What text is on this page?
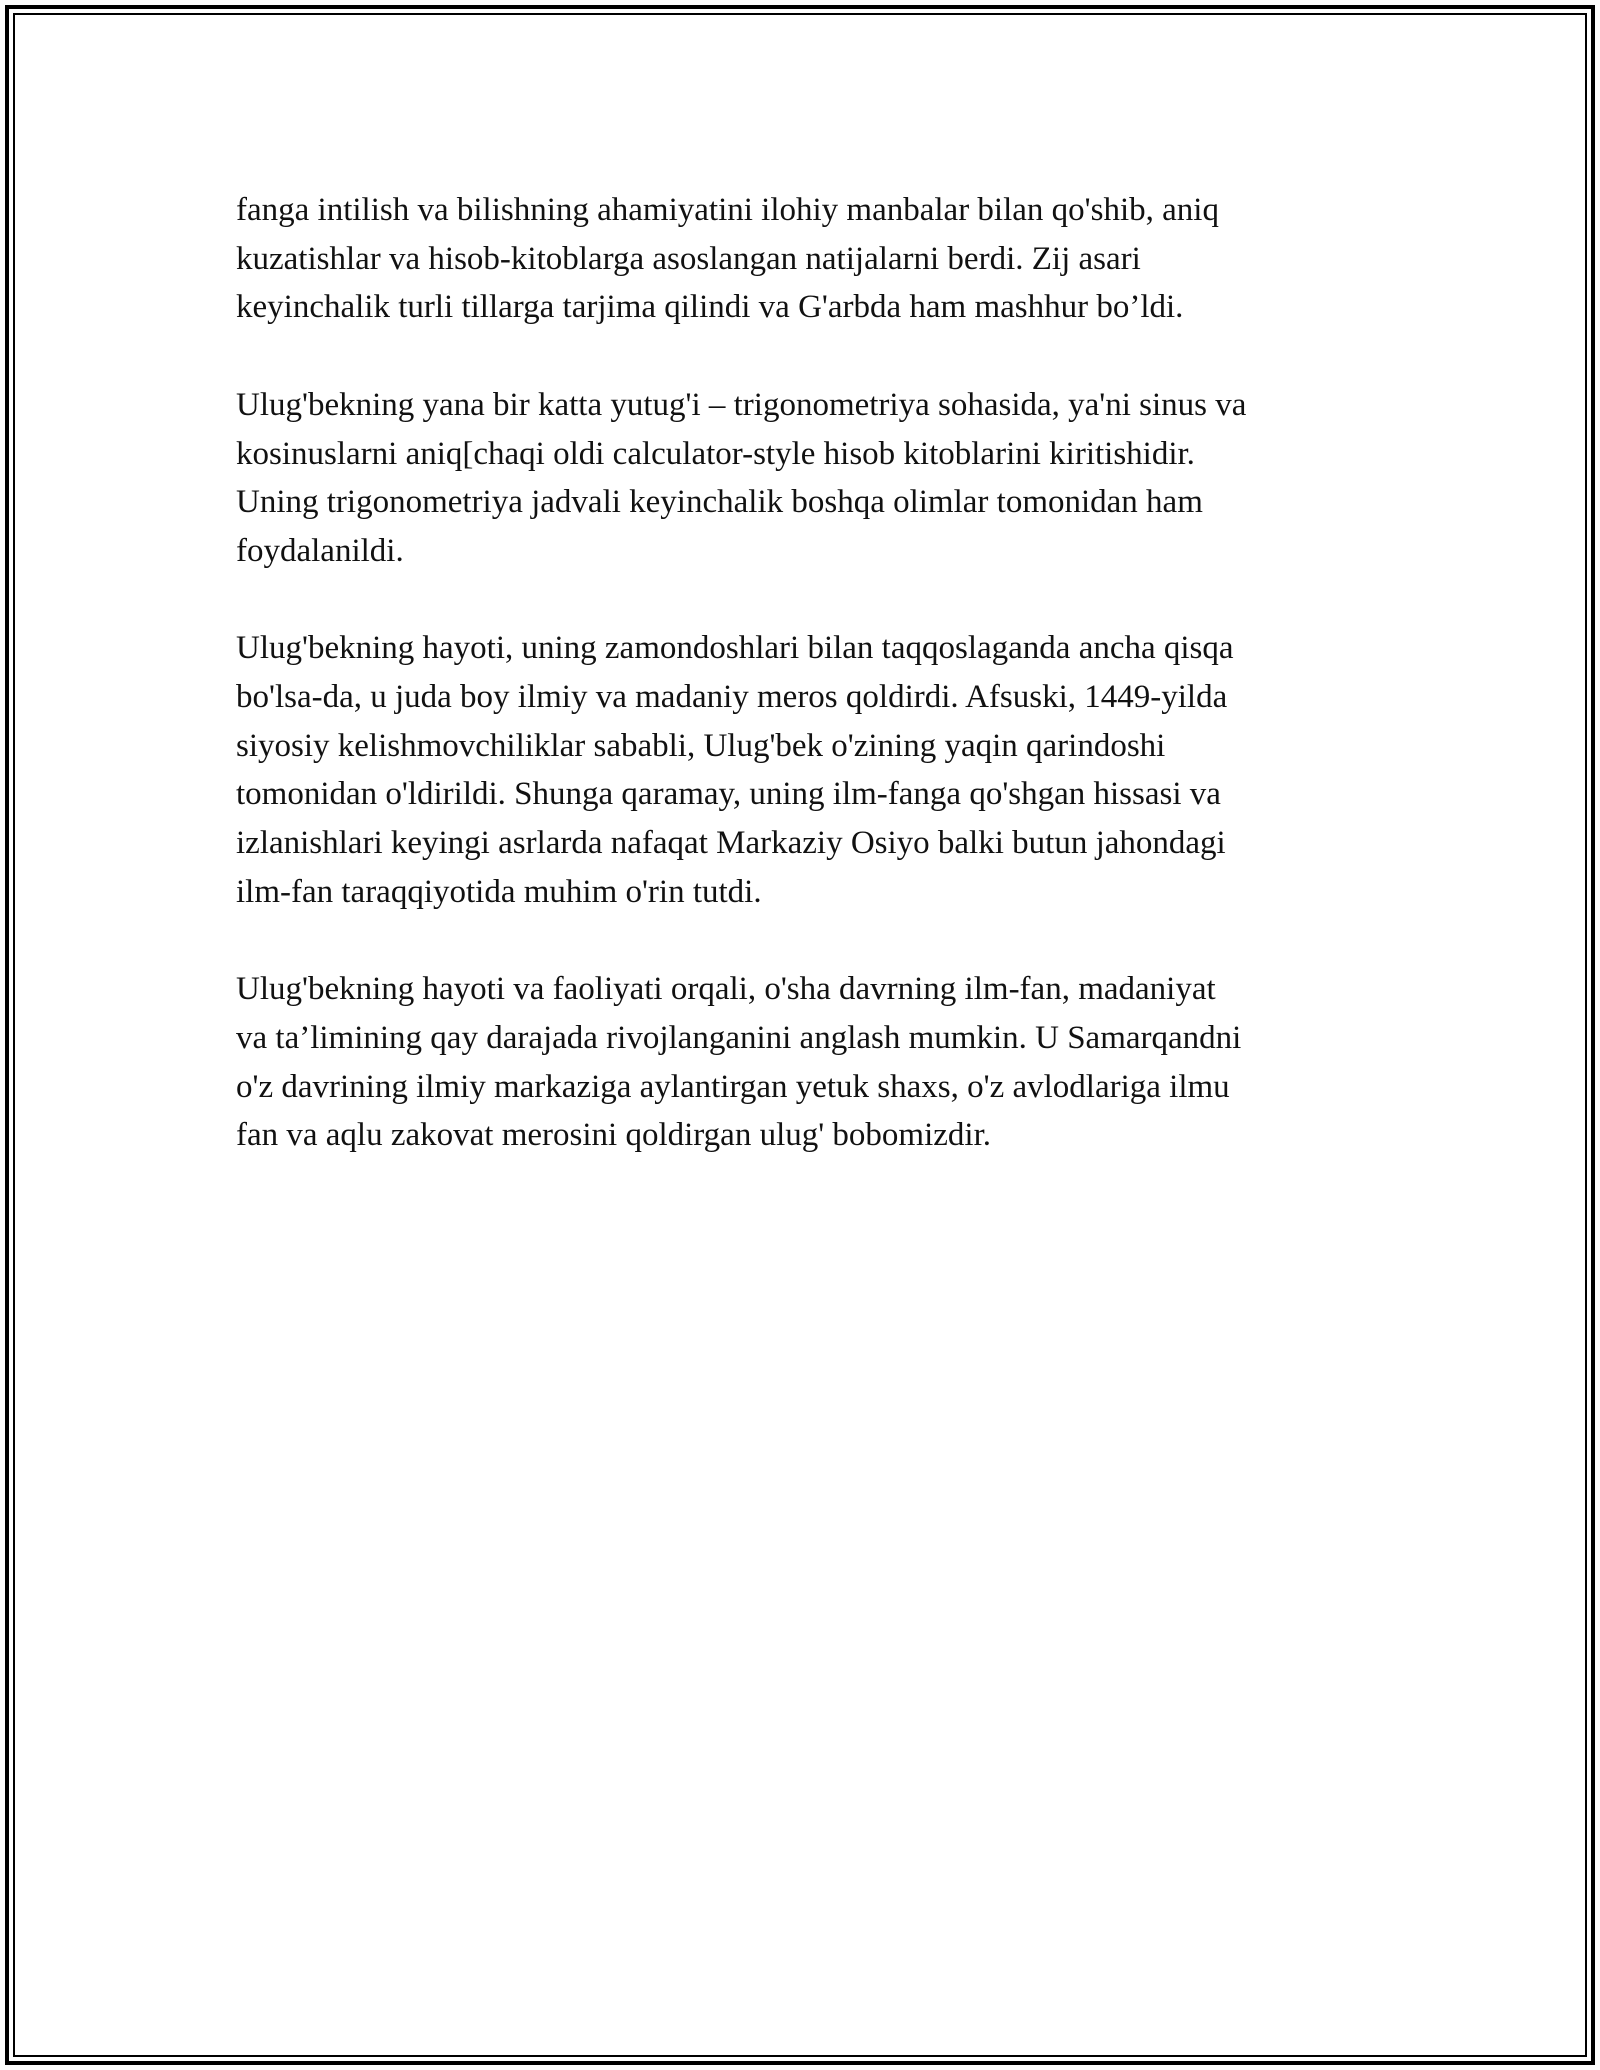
fanga intilish va bilishning ahamiyatini ilohiy manbalar bilan qo'shib, aniq
kuzatishlar va hisob-kitoblarga asoslangan natijalarni berdi. Zij asari
keyinchalik turli tillarga tarjima qilindi va G'arbda ham mashhur bo’ldi.

Ulug'bekning yana bir katta yutug'i – trigonometriya sohasida, ya'ni sinus va
kosinuslarni aniq[chaqi oldi calculator-style hisob kitoblarini kiritishidir.
Uning trigonometriya jadvali keyinchalik boshqa olimlar tomonidan ham
foydalanildi.

Ulug'bekning hayoti, uning zamondoshlari bilan taqqoslaganda ancha qisqa
bo'lsa-da, u juda boy ilmiy va madaniy meros qoldirdi. Afsuski, 1449-yilda
siyosiy kelishmovchiliklar sababli, Ulug'bek o'zining yaqin qarindoshi
tomonidan o'ldirildi. Shunga qaramay, uning ilm-fanga qo'shgan hissasi va
izlanishlari keyingi asrlarda nafaqat Markaziy Osiyo balki butun jahondagi
ilm-fan taraqqiyotida muhim o'rin tutdi.

Ulug'bekning hayoti va faoliyati orqali, o'sha davrning ilm-fan, madaniyat
va ta’limining qay darajada rivojlanganini anglash mumkin. U Samarqandni
o'z davrining ilmiy markaziga aylantirgan yetuk shaxs, o'z avlodlariga ilmu
fan va aqlu zakovat merosini qoldirgan ulug' bobomizdir.
